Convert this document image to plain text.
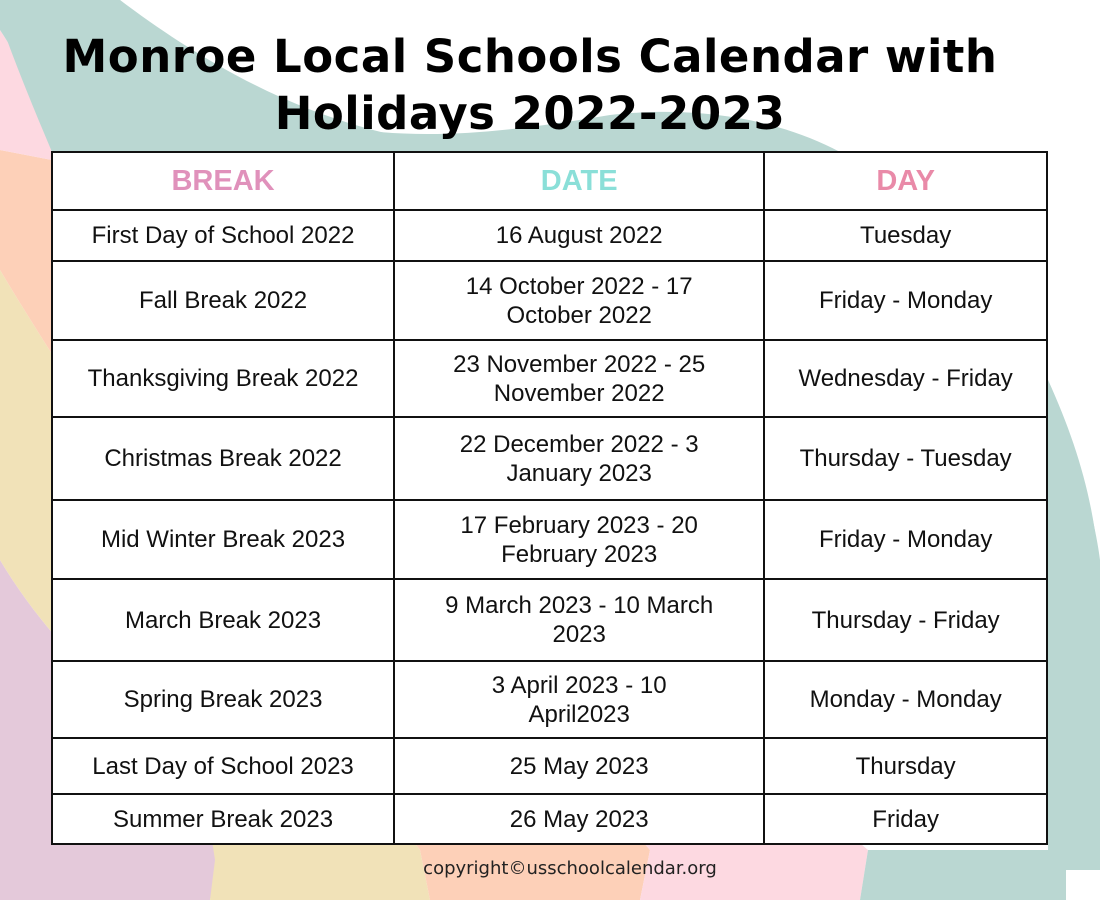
Monroe Local Schools Calendar with
Holidays 2022-2023
BREAK	DATE	DAY
First Day of School 2022	16 August 2022	Tuesday
Fall Break 2022	14 October 2022 - 17 October 2022	Friday - Monday
Thanksgiving Break 2022	23 November 2022 - 25 November 2022	Wednesday - Friday
Christmas Break 2022	22 December 2022 - 3 January 2023	Thursday - Tuesday
Mid Winter Break 2023	17 February 2023 - 20 February 2023	Friday - Monday
March Break 2023	9 March 2023 - 10 March 2023	Thursday - Friday
Spring Break 2023	3 April 2023 - 10 April2023	Monday - Monday
Last Day of School 2023	25 May 2023	Thursday
Summer Break 2023	26 May 2023	Friday
copyright©usschoolcalendar.org
